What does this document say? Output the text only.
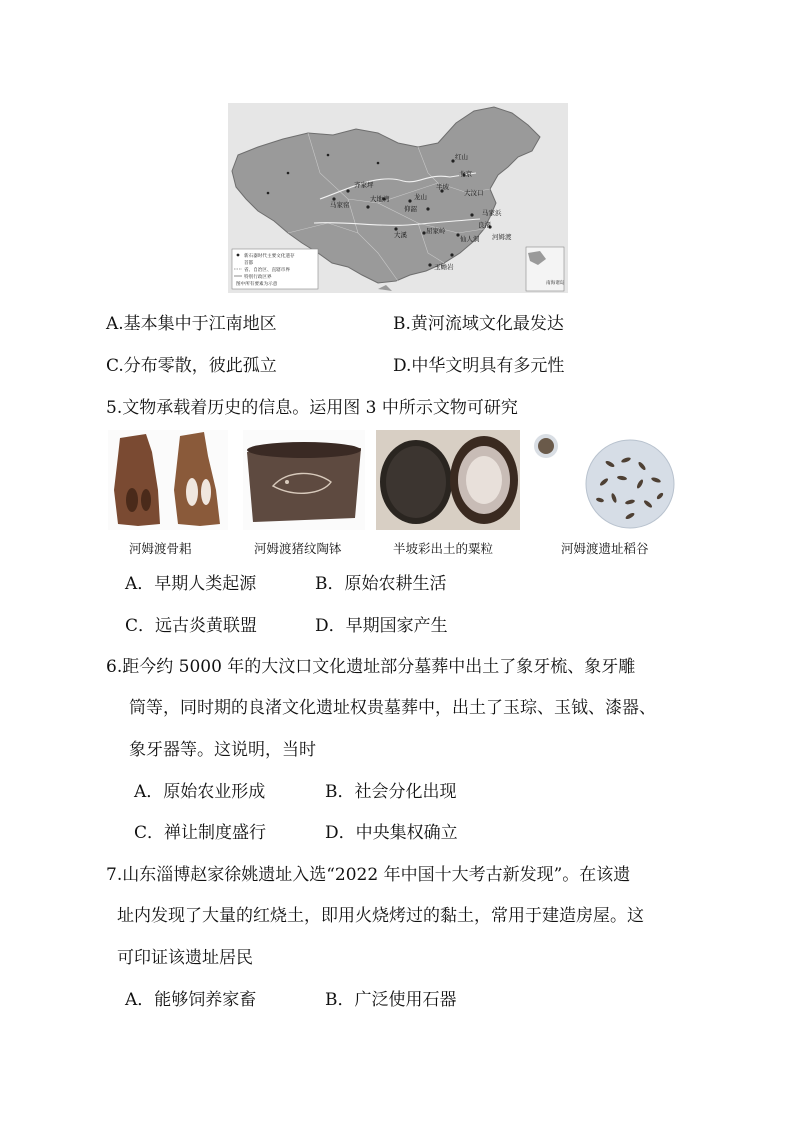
红山
北京
半坡
大汶口
良渚
河姆渡
仙人洞
玉蟾岩
大地湾
齐家坪
马家窑
龙山
仰韶
屈家岭
大溪
马家浜
新石器时代主要文化遗存
首都
省、自治区、直辖市界
特别行政区界
图中所有要素为示意	南海诸岛
A.基本集中于江南地区	B.黄河流域文化最发达
C.分布零散，彼此孤立	D.中华文明具有多元性
5.文物承载着历史的信息。运用图 3 中所示文物可研究
河姆渡骨耜	河姆渡猪纹陶钵	半坡彩出土的粟粒	河姆渡遗址稻谷
A．早期人类起源	B．原始农耕生活
C．远古炎黄联盟	D．早期国家产生
6.距今约 5000 年的大汶口文化遗址部分墓葬中出土了象牙梳、象牙雕
筒等，同时期的良渚文化遗址权贵墓葬中，出土了玉琮、玉钺、漆器、
象牙器等。这说明，当时
A．原始农业形成	B．社会分化出现
C．禅让制度盛行	D．中央集权确立
7.山东淄博赵家徐姚遗址入选“2022 年中国十大考古新发现”。在该遗
址内发现了大量的红烧土，即用火烧烤过的黏土，常用于建造房屋。这
可印证该遗址居民
A．能够饲养家畜	B．广泛使用石器
